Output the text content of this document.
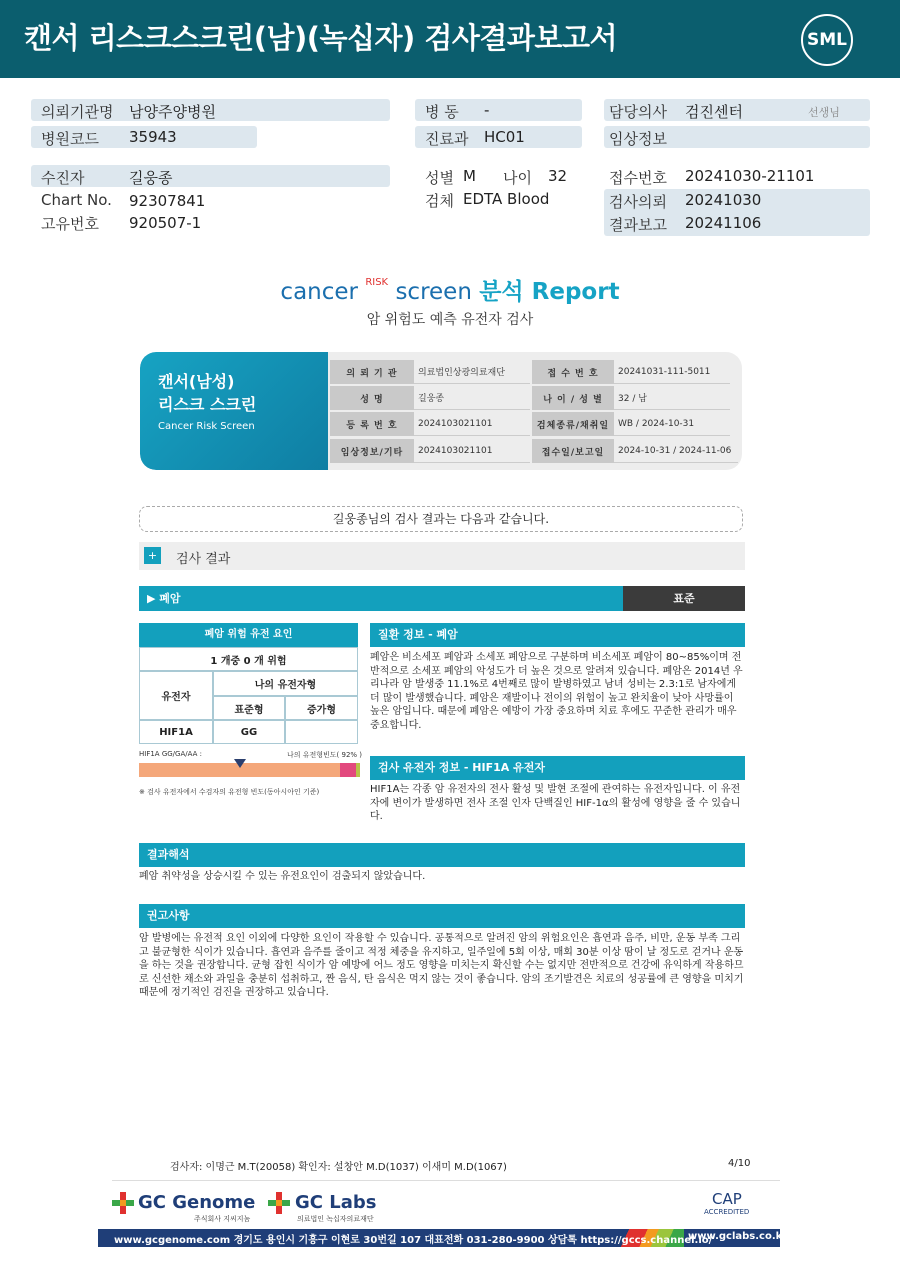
캔서 리스크스크린(남)(녹십자) 검사결과보고서	SML
의뢰기관명 남양주양병원
병원코드 35943
병 동 -
진료과 HC01
담당의사 검진센터	선생님
임상정보
수진자	길웅종
Chart No. 92307841
고유번호 920507-1
성별 M 나이 32
검체 EDTA Blood
접수번호 20241030-21101
검사의뢰 20241030
결과보고 20241106
cancer $^{RISK}$ screen 분석 Report
암 위험도 예측 유전자 검사
캔서(남성)
리스크 스크린
Cancer Risk Screen
의 뢰 기 관	의료법인상광의료재단	접 수 번 호	20241031-111-5011
성 명	길웅종	나 이 / 성 별	32 / 남
등 록 번 호	2024103021101	검체종류/채취일 WB / 2024-10-31
임상정보/기타	2024103021101	접수일/보고일	2024-10-31 / 2024-11-06
길웅종님의 검사 결과는 다음과 같습니다.
+ 검사 결과
▶ 폐암	표준
폐암 위험 유전 요인
1 개중 0 개 위험
유전자
나의 유전자형
표준형	증가형
HIF1A	GG
HIF1A GG/GA/AA :	나의 유전형빈도( 92% )
※ 검사 유전자에서 수검자의 유전형 빈도(동아시아인 기준)
질환 정보 - 폐암
폐암은 비소세포 폐암과 소세포 폐암으로 구분하며 비소세포 폐암이 80~85%이며 전반적으로 소세포 폐암의 악성도가 더 높은 것으로 알려져 있습니다. 폐암은 2014년 우리나라 암 발생중 11.1%로 4번째로 많이 발병하였고 남녀 성비는 2.3:1로 남자에게 더 많이 발생했습니다. 폐암은 재발이나 전이의 위험이 높고 완치율이 낮아 사망률이 높은 암입니다. 때문에 폐암은 예방이 가장 중요하며 치료 후에도 꾸준한 관리가 매우 중요합니다.
검사 유전자 정보 - HIF1A 유전자
HIF1A는 각종 암 유전자의 전사 활성 및 발현 조절에 관여하는 유전자입니다. 이 유전자에 변이가 발생하면 전사 조절 인자 단백질인 HIF-1α의 활성에 영향을 줄 수 있습니다.
결과해석
폐암 취약성을 상승시킬 수 있는 유전요인이 검출되지 않았습니다.
권고사항
암 발병에는 유전적 요인 이외에 다양한 요인이 작용할 수 있습니다. 공통적으로 알려진 암의 위험요인은 흡연과 음주, 비만, 운동 부족 그리고 불균형한 식이가 있습니다. 흡연과 음주를 줄이고 적정 체중을 유지하고, 일주일에 5회 이상, 매회 30분 이상 땀이 날 정도로 걷거나 운동을 하는 것을 권장합니다. 균형 잡힌 식이가 암 예방에 어느 정도 영향을 미치는지 확신할 수는 없지만 전반적으로 건강에 유익하게 작용하므로 신선한 채소와 과일을 충분히 섭취하고, 짠 음식, 탄 음식은 먹지 않는 것이 좋습니다. 암의 조기발견은 치료의 성공률에 큰 영향을 미치기 때문에 정기적인 검진을 권장하고 있습니다.
검사자: 이명근 M.T(20058) 확인자: 설창안 M.D(1037) 이새미 M.D(1067)	4/10
GC Genome
주식회사 지씨지놈
GC Labs
의료법인 녹십자의료재단
CAP
ACCREDITED
www.gcgenome.com 경기도 용인시 기흥구 이현로 30번길 107 대표전화 031-280-9900 상담톡 https://gccs.channel.io/
www.gclabs.co.kr
